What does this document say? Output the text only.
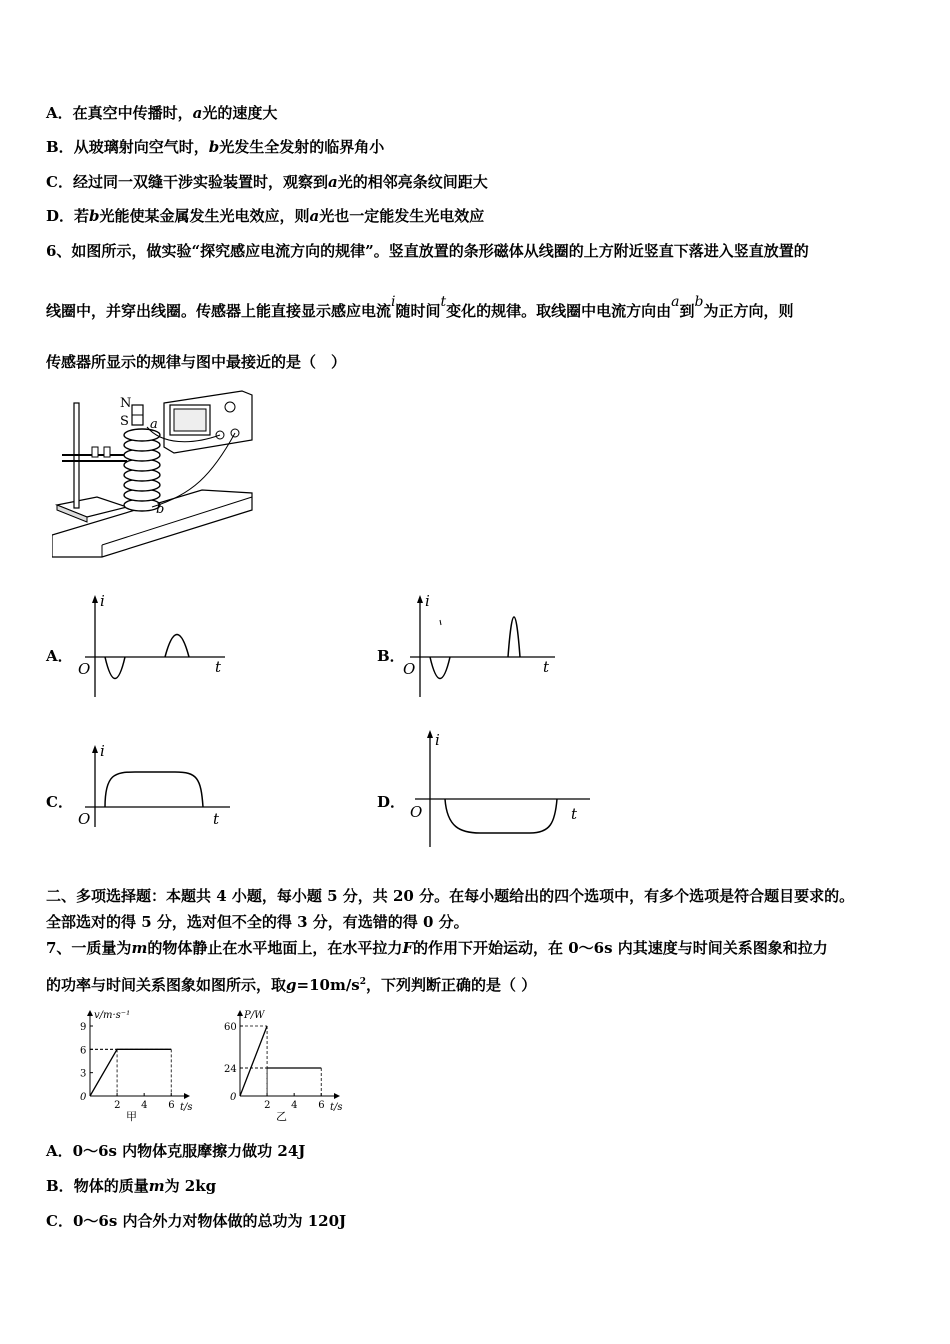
A．在真空中传播时，a光的速度大
B．从玻璃射向空气时，b光发生全发射的临界角小
C．经过同一双缝干涉实验装置时，观察到a光的相邻亮条纹间距大
D．若b光能使某金属发生光电效应，则a光也一定能发生光电效应
6、如图所示，做实验“探究感应电流方向的规律”。竖直放置的条形磁体从线圈的上方附近竖直下落进入竖直放置的
线圈中，并穿出线圈。传感器上能直接显示感应电流i随时间t变化的规律。取线圈中电流方向由a到b为正方向，则
传感器所显示的规律与图中最接近的是（　）
N
S a
b
A．
i
t
O
B．
i
t
O
C．
i
t
O
D．
i
t
O
二、多项选择题：本题共 4 小题，每小题 5 分，共 20 分。在每小题给出的四个选项中，有多个选项是符合题目要求的。
全部选对的得 5 分，选对但不全的得 3 分，有选错的得 0 分。
7、一质量为m的物体静止在水平地面上，在水平拉力F的作用下开始运动，在 0～6s 内其速度与时间关系图象和拉力
的功率与时间关系图象如图所示，取$g=10m/s^2$，下列判断正确的是（ ）
v/m·s⁻¹
t/s
0
甲
2 4 6
9
6
3
P/W
t/s
0
乙
2 4 6
60
24
A．0～6s 内物体克服摩擦力做功 24J
B．物体的质量m为 2kg
C．0～6s 内合外力对物体做的总功为 120J
